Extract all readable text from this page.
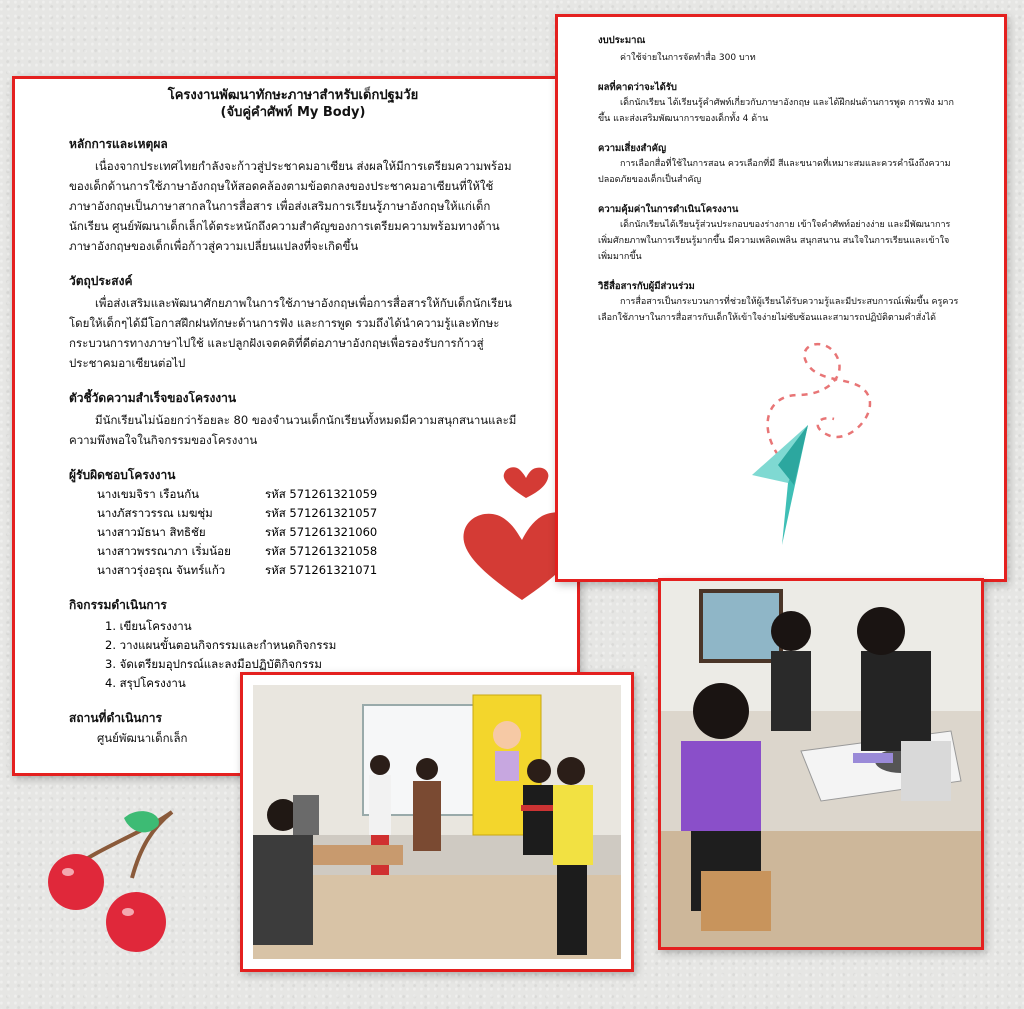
โครงงานพัฒนาทักษะภาษาสำหรับเด็กปฐมวัย
(จับคู่คำศัพท์ My Body)
หลักการและเหตุผล

เนื่องจากประเทศไทยกำลังจะก้าวสู่ประชาคมอาเซียน ส่งผลให้มีการเตรียมความพร้อมของเด็กด้านการใช้ภาษาอังกฤษให้สอดคล้องตามข้อตกลงของประชาคมอาเซียนที่ให้ใช้ภาษาอังกฤษเป็นภาษาสากลในการสื่อสาร เพื่อส่งเสริมการเรียนรู้ภาษาอังกฤษให้แก่เด็กนักเรียน ศูนย์พัฒนาเด็กเล็กได้ตระหนักถึงความสำคัญของการเตรียมความพร้อมทางด้านภาษาอังกฤษของเด็กเพื่อก้าวสู่ความเปลี่ยนแปลงที่จะเกิดขึ้น

วัตถุประสงค์

เพื่อส่งเสริมและพัฒนาศักยภาพในการใช้ภาษาอังกฤษเพื่อการสื่อสารให้กับเด็กนักเรียน โดยให้เด็กๆได้มีโอกาสฝึกฝนทักษะด้านการฟัง และการพูด รวมถึงได้นำความรู้และทักษะกระบวนการทางภาษาไปใช้ และปลูกฝังเจตคติที่ดีต่อภาษาอังกฤษเพื่อรองรับการก้าวสู่ประชาคมอาเซียนต่อไป

ตัวชี้วัดความสำเร็จของโครงงาน

มีนักเรียนไม่น้อยกว่าร้อยละ 80 ของจำนวนเด็กนักเรียนทั้งหมดมีความสนุกสนานและมีความพึงพอใจในกิจกรรมของโครงงาน

ผู้รับผิดชอบโครงงาน
นางเขมจิรา เรือนกัน	รหัส 571261321059
นางภัสราวรรณ เมฆชุ่ม	รหัส 571261321057
นางสาวมัธนา สิทธิชัย	รหัส 571261321060
นางสาวพรรณาภา เริ่มน้อย	รหัส 571261321058
นางสาวรุ่งอรุณ จันทร์แก้ว	รหัส 571261321071
กิจกรรมดำเนินการ
1. เขียนโครงงาน
2. วางแผนขั้นตอนกิจกรรมและกำหนดกิจกรรม
3. จัดเตรียมอุปกรณ์และลงมือปฏิบัติกิจกรรม
4. สรุปโครงงาน
สถานที่ดำเนินการ
ศูนย์พัฒนาเด็กเล็ก
งบประมาณ

ค่าใช้จ่ายในการจัดทำสื่อ 300 บาท

ผลที่คาดว่าจะได้รับ

เด็กนักเรียน ได้เรียนรู้คำศัพท์เกี่ยวกับภาษาอังกฤษ และได้ฝึกฝนด้านการพูด การฟัง มากขึ้น และส่งเสริมพัฒนาการของเด็กทั้ง 4 ด้าน

ความเสี่ยงสำคัญ

การเลือกสื่อที่ใช้ในการสอน ควรเลือกที่มี สีและขนาดที่เหมาะสมและควรคำนึงถึงความปลอดภัยของเด็กเป็นสำคัญ

ความคุ้มค่าในการดำเนินโครงงาน

เด็กนักเรียนได้เรียนรู้ส่วนประกอบของร่างกาย เข้าใจคำศัพท์อย่างง่าย และมีพัฒนาการเพิ่มศักยภาพในการเรียนรู้มากขึ้น มีความเพลิดเพลิน สนุกสนาน สนใจในการเรียนและเข้าใจเพิ่มมากขึ้น

วิธีสื่อสารกับผู้มีส่วนร่วม

การสื่อสารเป็นกระบวนการที่ช่วยให้ผู้เรียนได้รับความรู้และมีประสบการณ์เพิ่มขึ้น ครูควรเลือกใช้ภาษาในการสื่อสารกับเด็กให้เข้าใจง่ายไม่ซับซ้อนและสามารถปฏิบัติตามคำสั่งได้
